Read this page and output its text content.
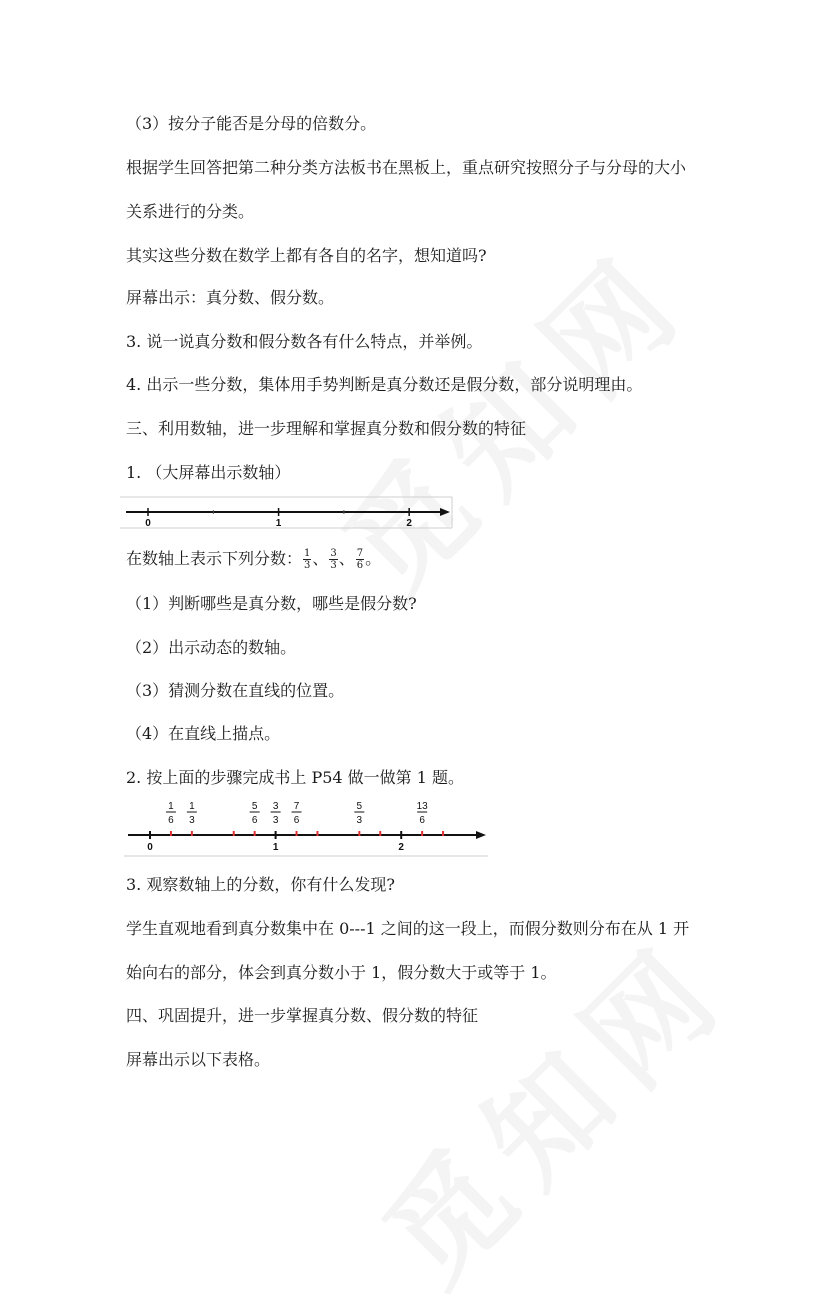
（3）按分子能否是分母的倍数分。
根据学生回答把第二种分类方法板书在黑板上，重点研究按照分子与分母的大小
关系进行的分类。
其实这些分数在数学上都有各自的名字，想知道吗?
屏幕出示：真分数、假分数。
3. 说一说真分数和假分数各有什么特点，并举例。
4. 出示一些分数，集体用手势判断是真分数还是假分数，部分说明理由。
三、利用数轴，进一步理解和掌握真分数和假分数的特征
1. （大屏幕出示数轴）
0	1	2
在数轴上表示下列分数： $\frac{1}{3}$ 、 $\frac{3}{3}$ 、 $\frac{7}{6}$ 。
（1）判断哪些是真分数，哪些是假分数?
（2）出示动态的数轴。
（3）猜测分数在直线的位置。
（4）在直线上描点。
2. 按上面的步骤完成书上 P54 做一做第 1 题。
0	1	2
1
6
1
3
5
6
3
3
7
6
5
3
13
6
3. 观察数轴上的分数，你有什么发现?
学生直观地看到真分数集中在 0---1 之间的这一段上，而假分数则分布在从 1 开
始向右的部分，体会到真分数小于 1，假分数大于或等于 1。
四、巩固提升，进一步掌握真分数、假分数的特征
屏幕出示以下表格。
